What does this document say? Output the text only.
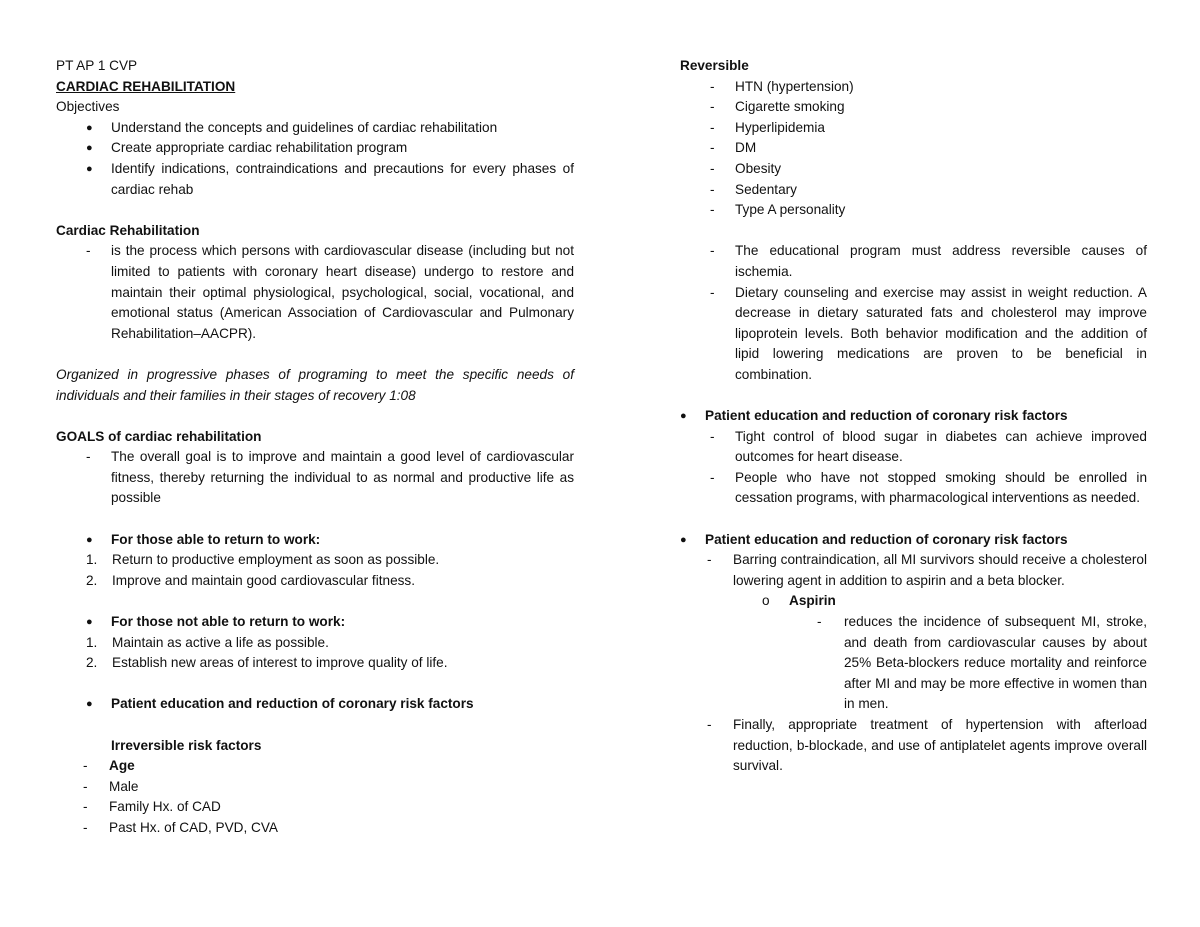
PT AP 1 CVP

CARDIAC REHABILITATION

Objectives

●	Understand the concepts and guidelines of cardiac rehabilitation
●	Create appropriate cardiac rehabilitation program
●	Identify indications, contraindications and precautions for every phases of cardiac rehab

Cardiac Rehabilitation

-	is the process which persons with cardiovascular disease (including but not limited to patients with coronary heart disease) undergo to restore and maintain their optimal physiological, psychological, social, vocational, and emotional status (American Association of Cardiovascular and Pulmonary Rehabilitation–AACPR).

Organized in progressive phases of programing to meet the specific needs of individuals and their families in their stages of recovery 1:08

GOALS of cardiac rehabilitation

-	The overall goal is to improve and maintain a good level of cardiovascular fitness, thereby returning the individual to as normal and productive life as possible
●	For those able to return to work:
1.	Return to productive employment as soon as possible.
2.	Improve and maintain good cardiovascular fitness.
●	For those not able to return to work:
1.	Maintain as active a life as possible.
2.	Establish new areas of interest to improve quality of life.
●	Patient education and reduction of coronary risk factors

Irreversible risk factors

-	Age
-	Male
-	Family Hx. of CAD
-	Past Hx. of CAD, PVD, CVA

Reversible

-	HTN (hypertension)
-	Cigarette smoking
-	Hyperlipidemia
-	DM
-	Obesity
-	Sedentary
-	Type A personality
-	The educational program must address reversible causes of ischemia.
-	Dietary counseling and exercise may assist in weight reduction. A decrease in dietary saturated fats and cholesterol may improve lipoprotein levels. Both behavior modification and the addition of lipid lowering medications are proven to be beneficial in combination.
●	Patient education and reduction of coronary risk factors
-	Tight control of blood sugar in diabetes can achieve improved outcomes for heart disease.
-	People who have not stopped smoking should be enrolled in cessation programs, with pharmacological interventions as needed.
●	Patient education and reduction of coronary risk factors
-	Barring contraindication, all MI survivors should receive a cholesterol lowering agent in addition to aspirin and a beta blocker.
o	Aspirin
-	reduces the incidence of subsequent MI, stroke, and death from cardiovascular causes by about 25% Beta-blockers reduce mortality and reinforce after MI and may be more effective in women than in men.
-	Finally, appropriate treatment of hypertension with afterload reduction, b-blockade, and use of antiplatelet agents improve overall survival.
